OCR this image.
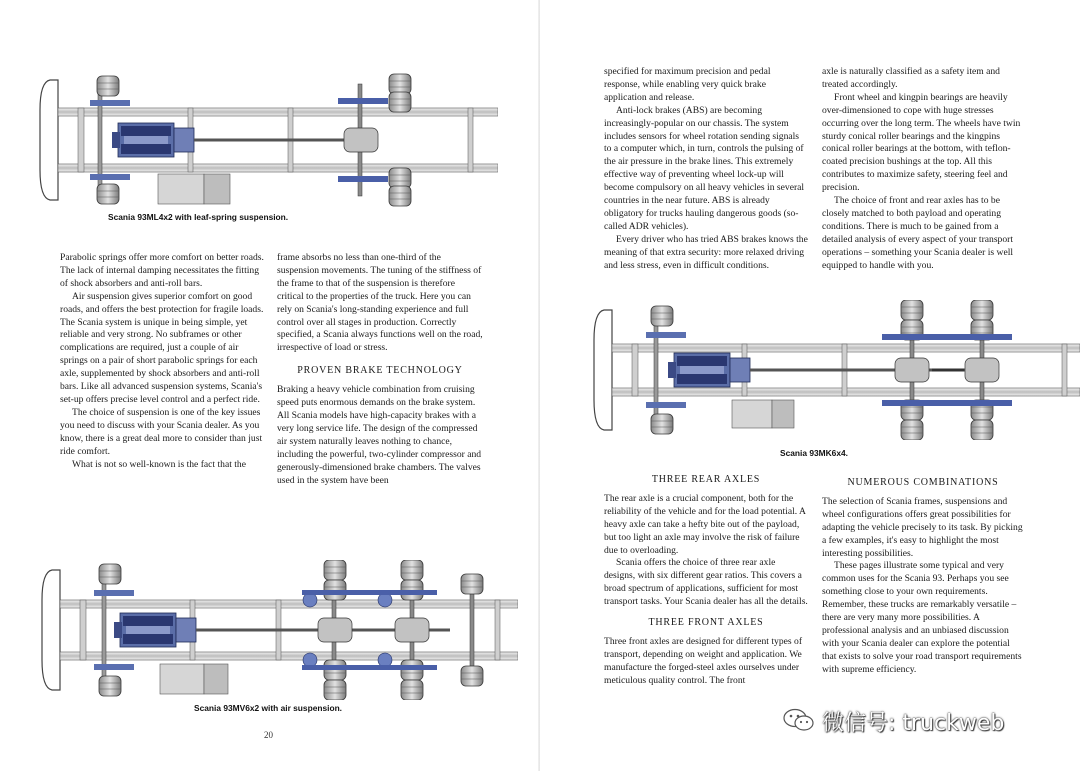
Scania 93ML4x2 with leaf-spring suspension.

Parabolic springs offer more comfort on better roads. The lack of internal damping necessitates the fitting of shock absorbers and anti-roll bars.

Air suspension gives superior comfort on good roads, and offers the best protection for fragile loads. The Scania system is unique in being simple, yet reliable and very strong. No subframes or other complications are required, just a couple of air springs on a pair of short parabolic springs for each axle, supplemented by shock absorbers and anti-roll bars. Like all advanced suspension systems, Scania's set-up offers precise level control and a perfect ride.

The choice of suspension is one of the key issues you need to discuss with your Scania dealer. As you know, there is a great deal more to consider than just ride comfort.

What is not so well-known is the fact that the

frame absorbs no less than one-third of the suspension movements. The tuning of the stiffness of the frame to that of the suspension is therefore critical to the properties of the truck. Here you can rely on Scania's long-standing experience and full control over all stages in production. Correctly specified, a Scania always functions well on the road, irrespective of load or stress.

PROVEN BRAKE TECHNOLOGY

Braking a heavy vehicle combination from cruising speed puts enormous demands on the brake system. All Scania models have high-capacity brakes with a very long service life. The design of the compressed air system naturally leaves nothing to chance, including the powerful, two-cylinder compressor and generously-dimensioned brake chambers. The valves used in the system have been

Scania 93MV6x2 with air suspension.
20

specified for maximum precision and pedal response, while enabling very quick brake application and release.

Anti-lock brakes (ABS) are becoming increasingly-popular on our chassis. The system includes sensors for wheel rotation sending signals to a computer which, in turn, controls the pulsing of the air pressure in the brake lines. This extremely effective way of preventing wheel lock-up will become compulsory on all heavy vehicles in several countries in the near future. ABS is already obligatory for trucks hauling dangerous goods (so-called ADR vehicles).

Every driver who has tried ABS brakes knows the meaning of that extra security: more relaxed driving and less stress, even in difficult conditions.

axle is naturally classified as a safety item and treated accordingly.

Front wheel and kingpin bearings are heavily over-dimensioned to cope with huge stresses occurring over the long term. The wheels have twin sturdy conical roller bearings and the kingpins conical roller bearings at the bottom, with teflon-coated precision bushings at the top. All this contributes to maximize safety, steering feel and precision.

The choice of front and rear axles has to be closely matched to both payload and operating conditions. There is much to be gained from a detailed analysis of every aspect of your transport operations – something your Scania dealer is well equipped to handle with you.

Scania 93MK6x4.
THREE REAR AXLES

The rear axle is a crucial component, both for the reliability of the vehicle and for the load potential. A heavy axle can take a hefty bite out of the payload, but too light an axle may involve the risk of failure due to overloading.

Scania offers the choice of three rear axle designs, with six different gear ratios. This covers a broad spectrum of applications, sufficient for most transport tasks. Your Scania dealer has all the details.

THREE FRONT AXLES

Three front axles are designed for different types of transport, depending on weight and application. We manufacture the forged-steel axles ourselves under meticulous quality control. The front

NUMEROUS COMBINATIONS

The selection of Scania frames, suspensions and wheel configurations offers great possibilities for adapting the vehicle precisely to its task. By picking a few examples, it's easy to highlight the most interesting possibilities.

These pages illustrate some typical and very common uses for the Scania 93. Perhaps you see something close to your own requirements. Remember, these trucks are remarkably versatile – there are very many more possibilities. A professional analysis and an unbiased discussion with your Scania dealer can explore the potential that exists to solve your road transport requirements with supreme efficiency.

微信号: truckweb
